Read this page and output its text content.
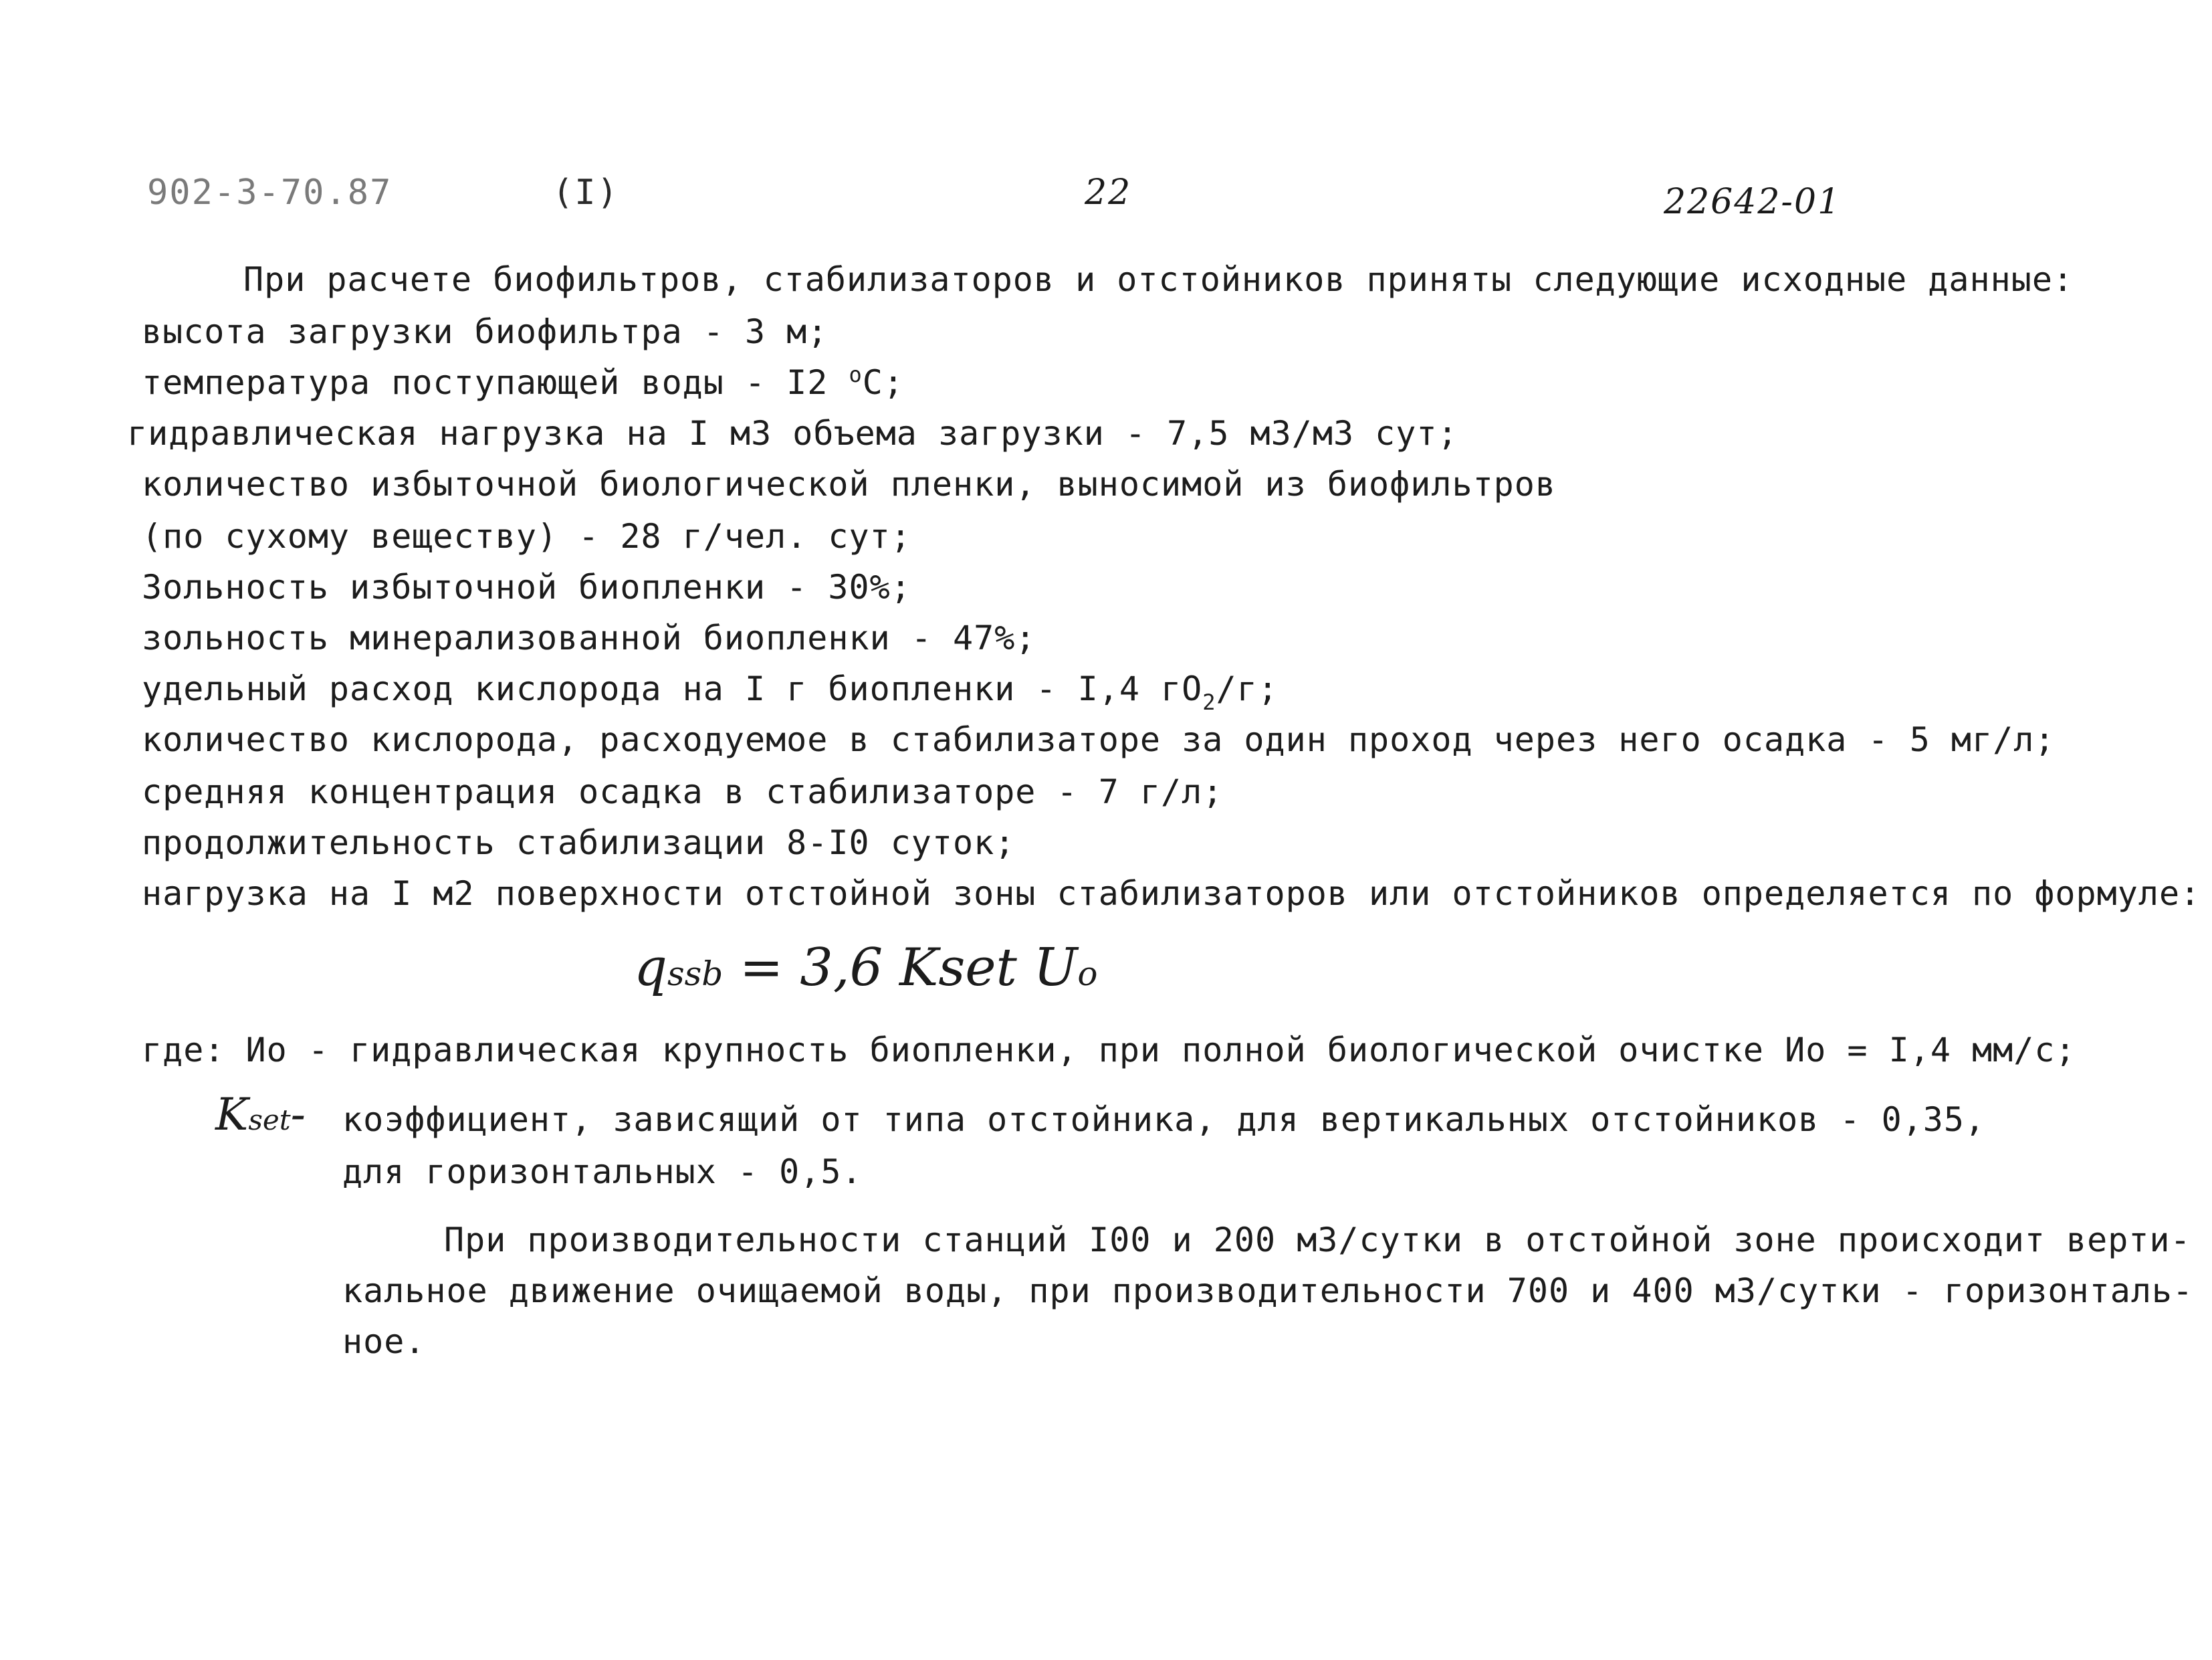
902-3-70.87	(I)	22	22642-01
При расчете биофильтров, стабилизаторов и отстойников приняты следующие исходные данные:
высота загрузки биофильтра - 3 м;
температура поступающей воды - I2 $^о$С;
гидравлическая нагрузка на I м3 объема загрузки - 7,5 м3/м3 сут;
количество избыточной биологической пленки, выносимой из биофильтров
(по сухому веществу) - 28 г/чел. сут;
Зольность избыточной биопленки - 30%;
зольность минерализованной биопленки - 47%;
удельный расход кислорода на I г биопленки - I,4 $гО_2/г$;
количество кислорода, расходуемое в стабилизаторе за один проход через него осадка - 5 мг/л;
средняя концентрация осадка в стабилизаторе - 7 г/л;
продолжительность стабилизации 8-I0 суток;
нагрузка на I м2 поверхности отстойной зоны стабилизаторов или отстойников определяется по формуле:
qssb = 3,6 Kset Uo
где: Ио - гидравлическая крупность биопленки, при полной биологической очистке Ио = I,4 мм/с;
Kset- коэффициент, зависящий от типа отстойника, для вертикальных отстойников - 0,35,
для горизонтальных - 0,5.
При производительности станций I00 и 200 м3/сутки в отстойной зоне происходит верти-
кальное движение очищаемой воды, при производительности 700 и 400 м3/сутки - горизонталь-
ное.
